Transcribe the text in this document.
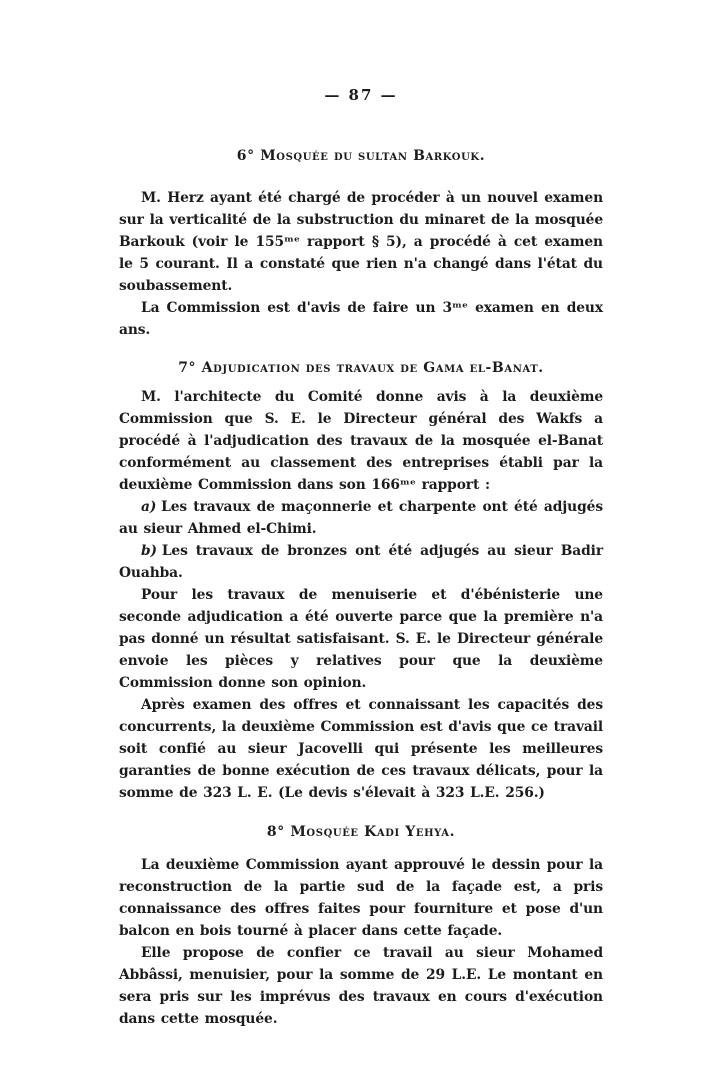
— 87 —
6° Mosquée du sultan Barkouk.

M. Herz ayant été chargé de procéder à un nouvel examen sur la verticalité de la substruction du minaret de la mosquée Barkouk (voir le 155ᵐᵉ rapport § 5), a procédé à cet examen le 5 courant. Il a constaté que rien n'a changé dans l'état du soubassement.

La Commission est d'avis de faire un 3ᵐᵉ examen en deux ans.

7° Adjudication des travaux de Gama el-Banat.

M. l'architecte du Comité donne avis à la deuxième Commission que S. E. le Directeur général des Wakfs a procédé à l'adjudication des travaux de la mosquée el-Banat conformément au classement des entreprises établi par la deuxième Commission dans son 166ᵐᵉ rapport :

a) Les travaux de maçonnerie et charpente ont été adjugés au sieur Ahmed el-Chimi.

b) Les travaux de bronzes ont été adjugés au sieur Badir Ouahba.

Pour les travaux de menuiserie et d'ébénisterie une seconde adjudication a été ouverte parce que la première n'a pas donné un résultat satisfaisant. S. E. le Directeur générale envoie les pièces y relatives pour que la deuxième Commission donne son opinion.

Après examen des offres et connaissant les capacités des concurrents, la deuxième Commission est d'avis que ce travail soit confié au sieur Jacovelli qui présente les meilleures garanties de bonne exécution de ces travaux délicats, pour la somme de 323 L. E. (Le devis s'élevait à 323 L.E. 256.)

8° Mosquée Kadi Yehya.

La deuxième Commission ayant approuvé le dessin pour la reconstruction de la partie sud de la façade est, a pris connaissance des offres faites pour fourniture et pose d'un balcon en bois tourné à placer dans cette façade.

Elle propose de confier ce travail au sieur Mohamed Abbâssi, menuisier, pour la somme de 29 L.E. Le montant en sera pris sur les imprévus des travaux en cours d'exécution dans cette mosquée.
